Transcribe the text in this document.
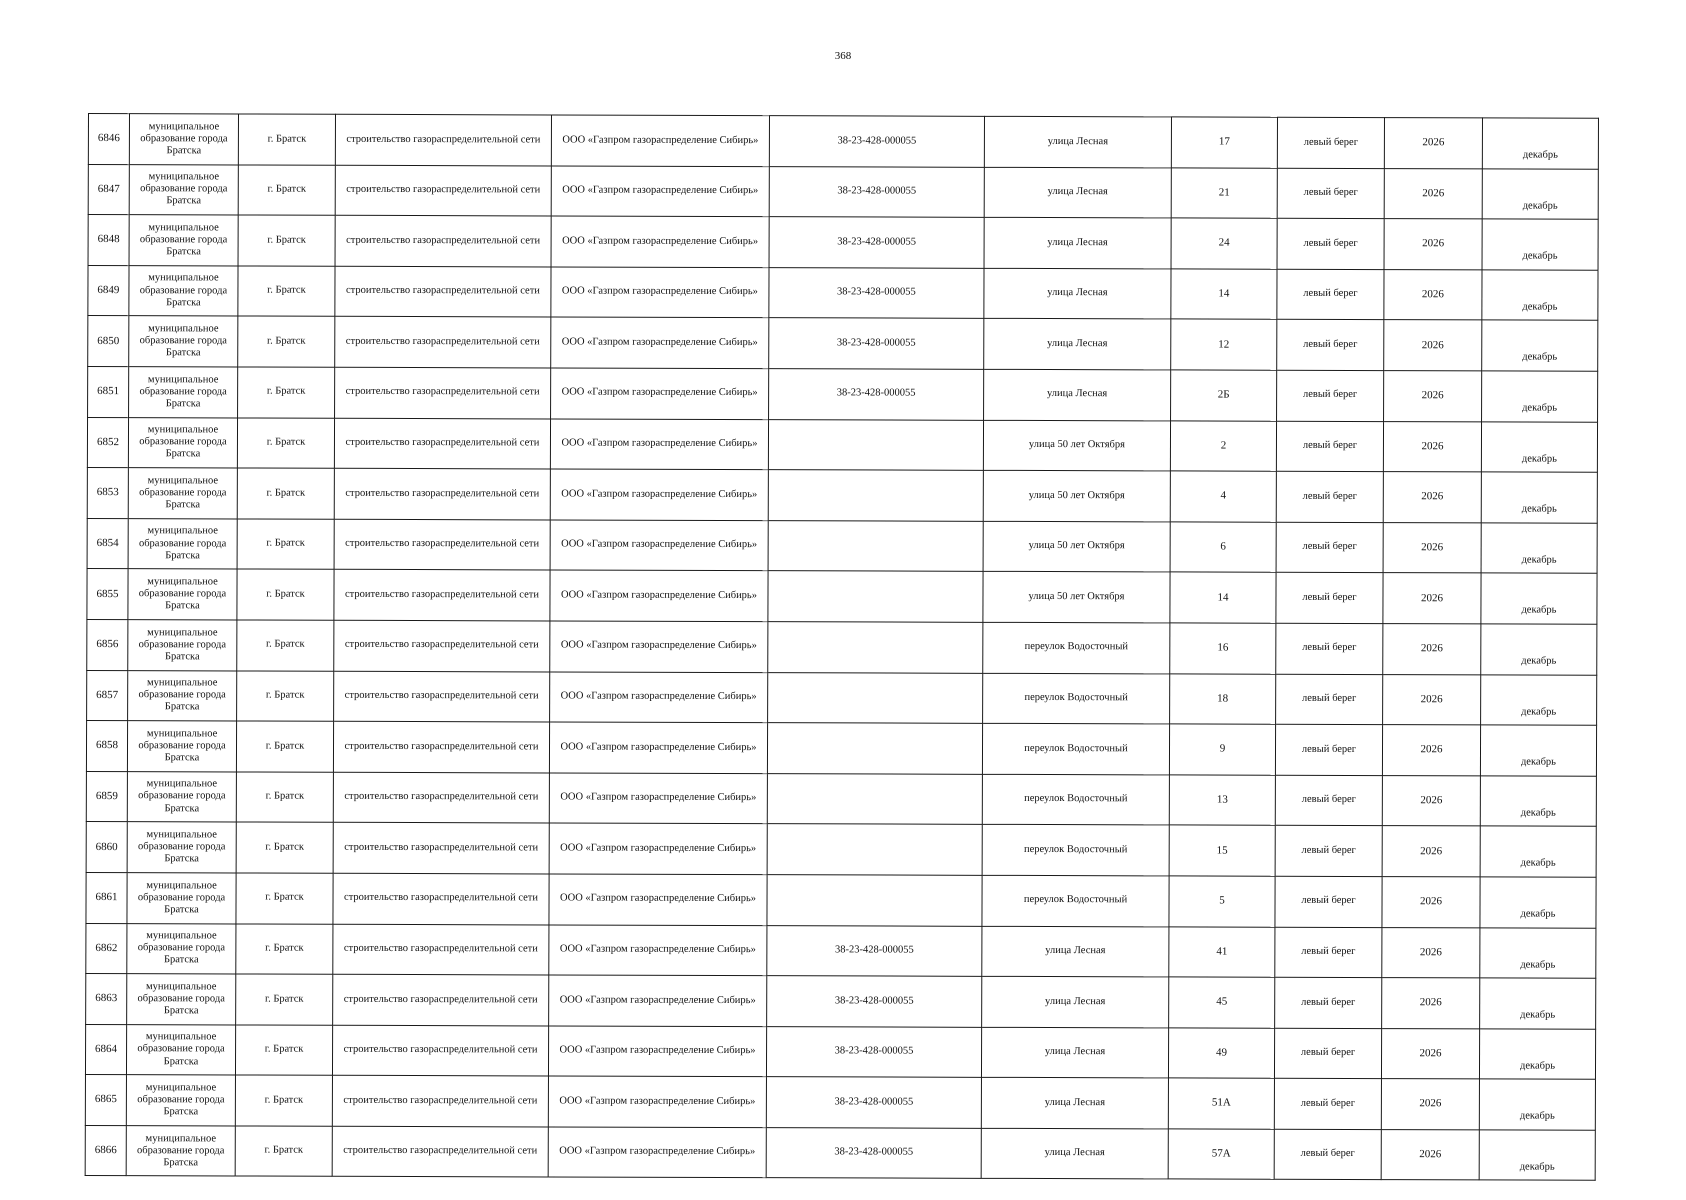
368
6846	муниципальное образование города Братска	г. Братск	строительство газораспределительной сети	ООО «Газпром газораспределение Сибирь»	38-23-428-000055	улица Лесная	17	левый берег	2026	декабрь
6847	муниципальное образование города Братска	г. Братск	строительство газораспределительной сети	ООО «Газпром газораспределение Сибирь»	38-23-428-000055	улица Лесная	21	левый берег	2026	декабрь
6848	муниципальное образование города Братска	г. Братск	строительство газораспределительной сети	ООО «Газпром газораспределение Сибирь»	38-23-428-000055	улица Лесная	24	левый берег	2026	декабрь
6849	муниципальное образование города Братска	г. Братск	строительство газораспределительной сети	ООО «Газпром газораспределение Сибирь»	38-23-428-000055	улица Лесная	14	левый берег	2026	декабрь
6850	муниципальное образование города Братска	г. Братск	строительство газораспределительной сети	ООО «Газпром газораспределение Сибирь»	38-23-428-000055	улица Лесная	12	левый берег	2026	декабрь
6851	муниципальное образование города Братска	г. Братск	строительство газораспределительной сети	ООО «Газпром газораспределение Сибирь»	38-23-428-000055	улица Лесная	2Б	левый берег	2026	декабрь
6852	муниципальное образование города Братска	г. Братск	строительство газораспределительной сети	ООО «Газпром газораспределение Сибирь»		улица 50 лет Октября	2	левый берег	2026	декабрь
6853	муниципальное образование города Братска	г. Братск	строительство газораспределительной сети	ООО «Газпром газораспределение Сибирь»		улица 50 лет Октября	4	левый берег	2026	декабрь
6854	муниципальное образование города Братска	г. Братск	строительство газораспределительной сети	ООО «Газпром газораспределение Сибирь»		улица 50 лет Октября	6	левый берег	2026	декабрь
6855	муниципальное образование города Братска	г. Братск	строительство газораспределительной сети	ООО «Газпром газораспределение Сибирь»		улица 50 лет Октября	14	левый берег	2026	декабрь
6856	муниципальное образование города Братска	г. Братск	строительство газораспределительной сети	ООО «Газпром газораспределение Сибирь»		переулок Водосточный	16	левый берег	2026	декабрь
6857	муниципальное образование города Братска	г. Братск	строительство газораспределительной сети	ООО «Газпром газораспределение Сибирь»		переулок Водосточный	18	левый берег	2026	декабрь
6858	муниципальное образование города Братска	г. Братск	строительство газораспределительной сети	ООО «Газпром газораспределение Сибирь»		переулок Водосточный	9	левый берег	2026	декабрь
6859	муниципальное образование города Братска	г. Братск	строительство газораспределительной сети	ООО «Газпром газораспределение Сибирь»		переулок Водосточный	13	левый берег	2026	декабрь
6860	муниципальное образование города Братска	г. Братск	строительство газораспределительной сети	ООО «Газпром газораспределение Сибирь»		переулок Водосточный	15	левый берег	2026	декабрь
6861	муниципальное образование города Братска	г. Братск	строительство газораспределительной сети	ООО «Газпром газораспределение Сибирь»		переулок Водосточный	5	левый берег	2026	декабрь
6862	муниципальное образование города Братска	г. Братск	строительство газораспределительной сети	ООО «Газпром газораспределение Сибирь»	38-23-428-000055	улица Лесная	41	левый берег	2026	декабрь
6863	муниципальное образование города Братска	г. Братск	строительство газораспределительной сети	ООО «Газпром газораспределение Сибирь»	38-23-428-000055	улица Лесная	45	левый берег	2026	декабрь
6864	муниципальное образование города Братска	г. Братск	строительство газораспределительной сети	ООО «Газпром газораспределение Сибирь»	38-23-428-000055	улица Лесная	49	левый берег	2026	декабрь
6865	муниципальное образование города Братска	г. Братск	строительство газораспределительной сети	ООО «Газпром газораспределение Сибирь»	38-23-428-000055	улица Лесная	51А	левый берег	2026	декабрь
6866	муниципальное образование города Братска	г. Братск	строительство газораспределительной сети	ООО «Газпром газораспределение Сибирь»	38-23-428-000055	улица Лесная	57А	левый берег	2026	декабрь
